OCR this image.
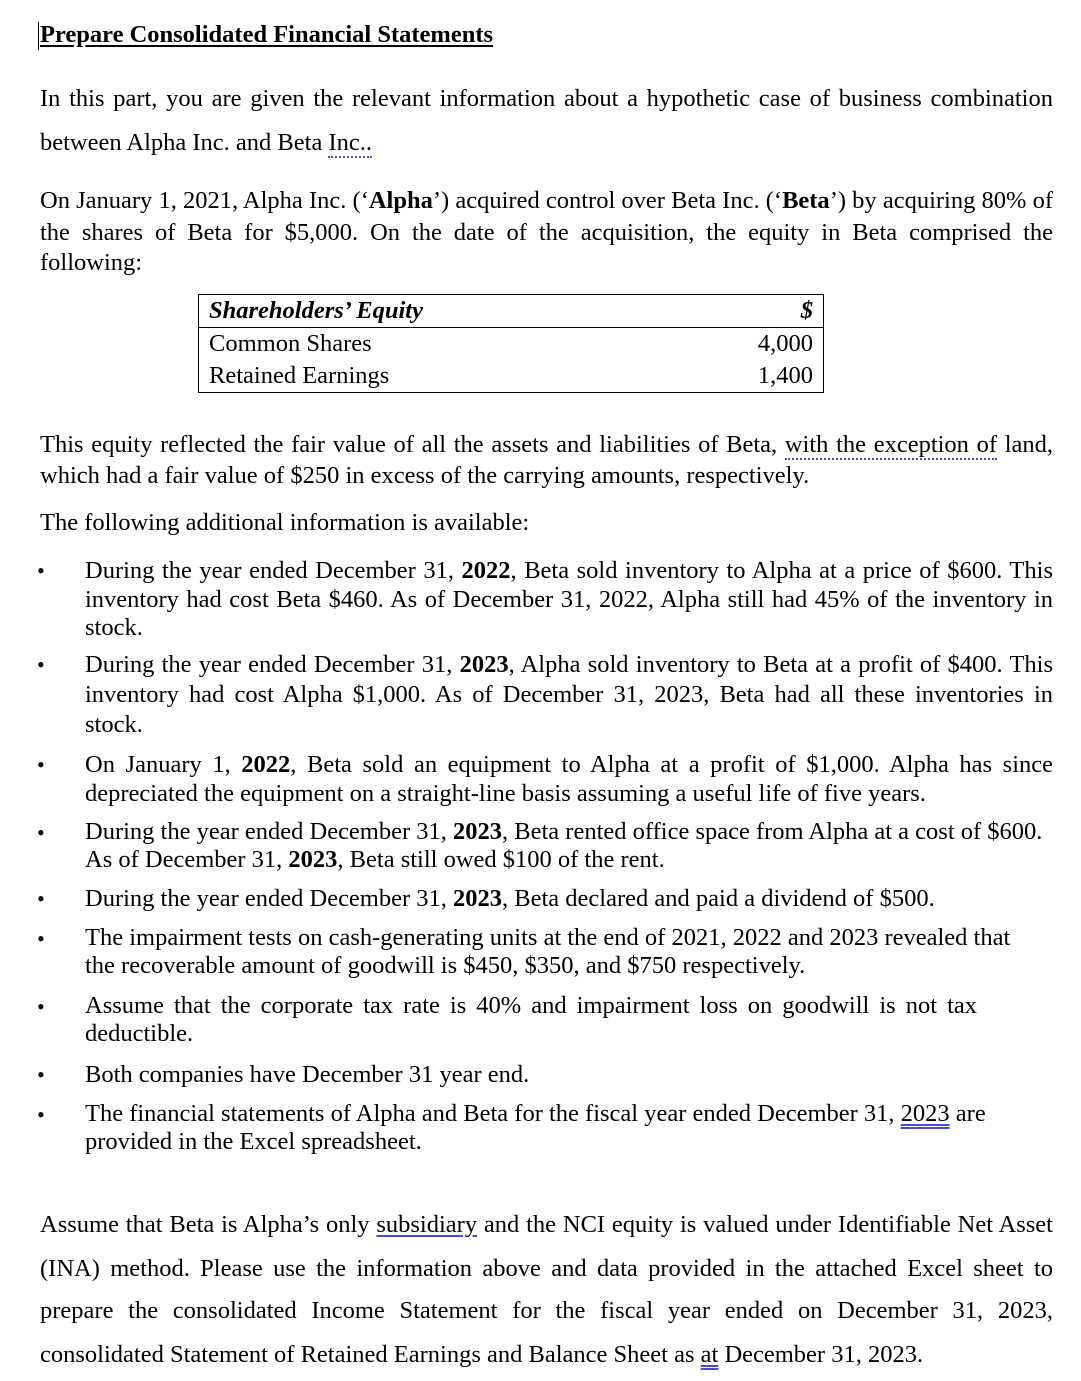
Prepare Consolidated Financial Statements
In this part, you are given the relevant information about a hypothetic case of business combination
between Alpha Inc. and Beta Inc..
On January 1, 2021, Alpha Inc. (‘Alpha’) acquired control over Beta Inc. (‘Beta’) by acquiring 80% of
the shares of Beta for $5,000. On the date of the acquisition, the equity in Beta comprised the
following:
Shareholders’ Equity	$
Common Shares	4,000
Retained Earnings	1,400
This equity reflected the fair value of all the assets and liabilities of Beta, with the exception of land,
which had a fair value of $250 in excess of the carrying amounts, respectively.
The following additional information is available:
•	During the year ended December 31, 2022, Beta sold inventory to Alpha at a price of $600. This
inventory had cost Beta $460. As of December 31, 2022, Alpha still had 45% of the inventory in
stock.
•	During the year ended December 31, 2023, Alpha sold inventory to Beta at a profit of $400. This
inventory had cost Alpha $1,000. As of December 31, 2023, Beta had all these inventories in
stock.
•	On January 1, 2022, Beta sold an equipment to Alpha at a profit of $1,000. Alpha has since
depreciated the equipment on a straight-line basis assuming a useful life of five years.
•	During the year ended December 31, 2023, Beta rented office space from Alpha at a cost of $600.
As of December 31, 2023, Beta still owed $100 of the rent.
•	During the year ended December 31, 2023, Beta declared and paid a dividend of $500.
•	The impairment tests on cash-generating units at the end of 2021, 2022 and 2023 revealed that
the recoverable amount of goodwill is $450, $350, and $750 respectively.
•	Assume that the corporate tax rate is 40% and impairment loss on goodwill is not tax
deductible.
•	Both companies have December 31 year end.
•	The financial statements of Alpha and Beta for the fiscal year ended December 31, 2023 are
provided in the Excel spreadsheet.
Assume that Beta is Alpha’s only subsidiary and the NCI equity is valued under Identifiable Net Asset
(INA) method. Please use the information above and data provided in the attached Excel sheet to
prepare the consolidated Income Statement for the fiscal year ended on December 31, 2023,
consolidated Statement of Retained Earnings and Balance Sheet as at December 31, 2023.
